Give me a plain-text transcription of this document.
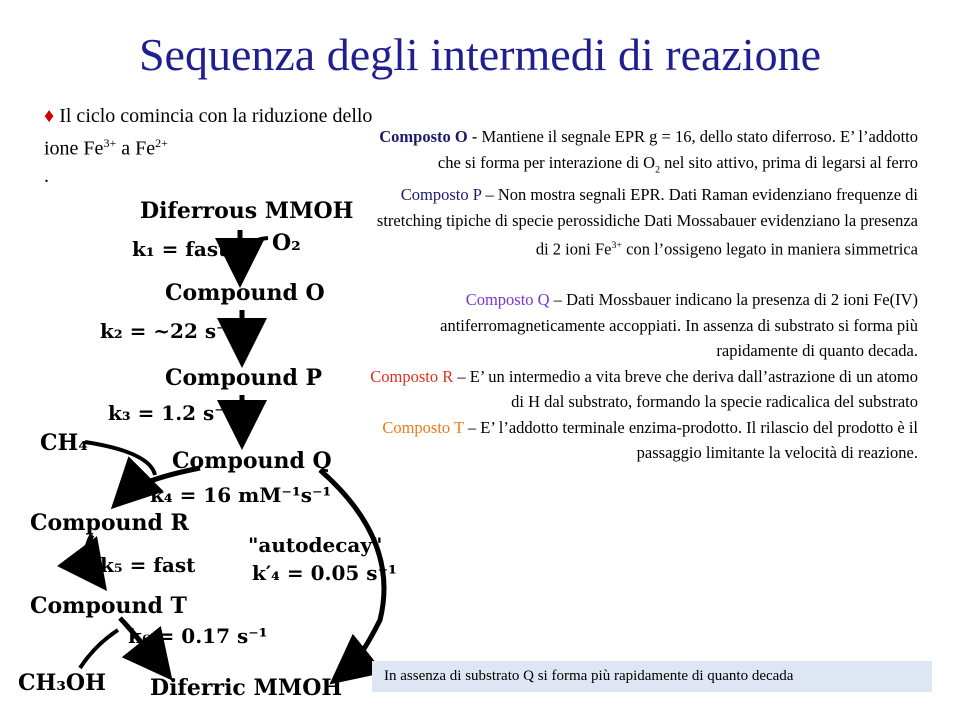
Sequenza degli intermedi di reazione
♦ Il ciclo comincia con la riduzione dello ione $Fe^{3+}$ a $Fe^{2+}$
.
Composto O - Mantiene il segnale EPR g = 16, dello stato diferroso. E’ l’addotto che si forma per interazione di $O_2$ nel sito attivo, prima di legarsi al ferro
Composto P – Non mostra segnali EPR. Dati Raman evidenziano frequenze di stretching tipiche di specie perossidiche Dati Mossabauer evidenziano la presenza di 2 ioni $Fe^{3+}$ con l’ossigeno legato in maniera simmetrica
Composto Q – Dati Mossbauer indicano la presenza di 2 ioni Fe(IV) antiferromagneticamente accoppiati. In assenza di substrato si forma più rapidamente di quanto decada.
Composto R – E’ un intermedio a vita breve che deriva dall’astrazione di un atomo di H dal substrato, formando la specie radicalica del substrato
Composto T – E’ l’addotto terminale enzima-prodotto. Il rilascio del prodotto è il passaggio limitante la velocità di reazione.
Diferrous MMOH
k₁ = fast O₂
Compound O
k₂ = ~22 s⁻¹
Compound P
k₃ = 1.2 s⁻¹
CH₄
Compound Q
k₄ = 16 mM⁻¹s⁻¹
Compound R
"autodecay"
k′₄ = 0.05 s⁻¹
k₅ = fast
Compound T
k₆ = 0.17 s⁻¹
CH₃OH Diferric MMOH	In assenza di substrato Q si forma più rapidamente di quanto decada
